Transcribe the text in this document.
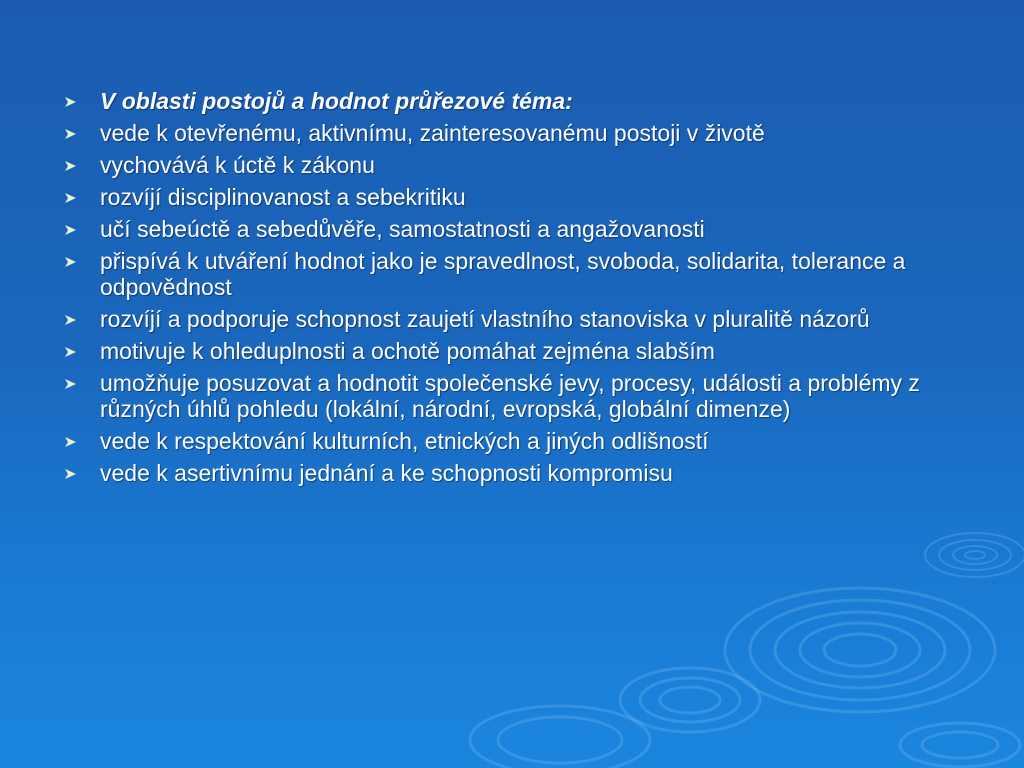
V oblasti postojů a hodnot průřezové téma:
vede k otevřenému, aktivnímu, zainteresovanému postoji v životě
vychovává k úctě k zákonu
rozvíjí disciplinovanost a sebekritiku
učí sebeúctě a sebedůvěře, samostatnosti a angažovanosti
přispívá k utváření hodnot jako je spravedlnost, svoboda, solidarita, tolerance a odpovědnost
rozvíjí a podporuje schopnost zaujetí vlastního stanoviska v pluralitě názorů
motivuje k ohleduplnosti a ochotě pomáhat zejména slabším
umožňuje posuzovat a hodnotit společenské jevy, procesy, události a problémy z různých úhlů pohledu (lokální, národní, evropská, globální dimenze)
vede k respektování kulturních, etnických a jiných odlišností
vede k asertivnímu jednání a ke schopnosti kompromisu
